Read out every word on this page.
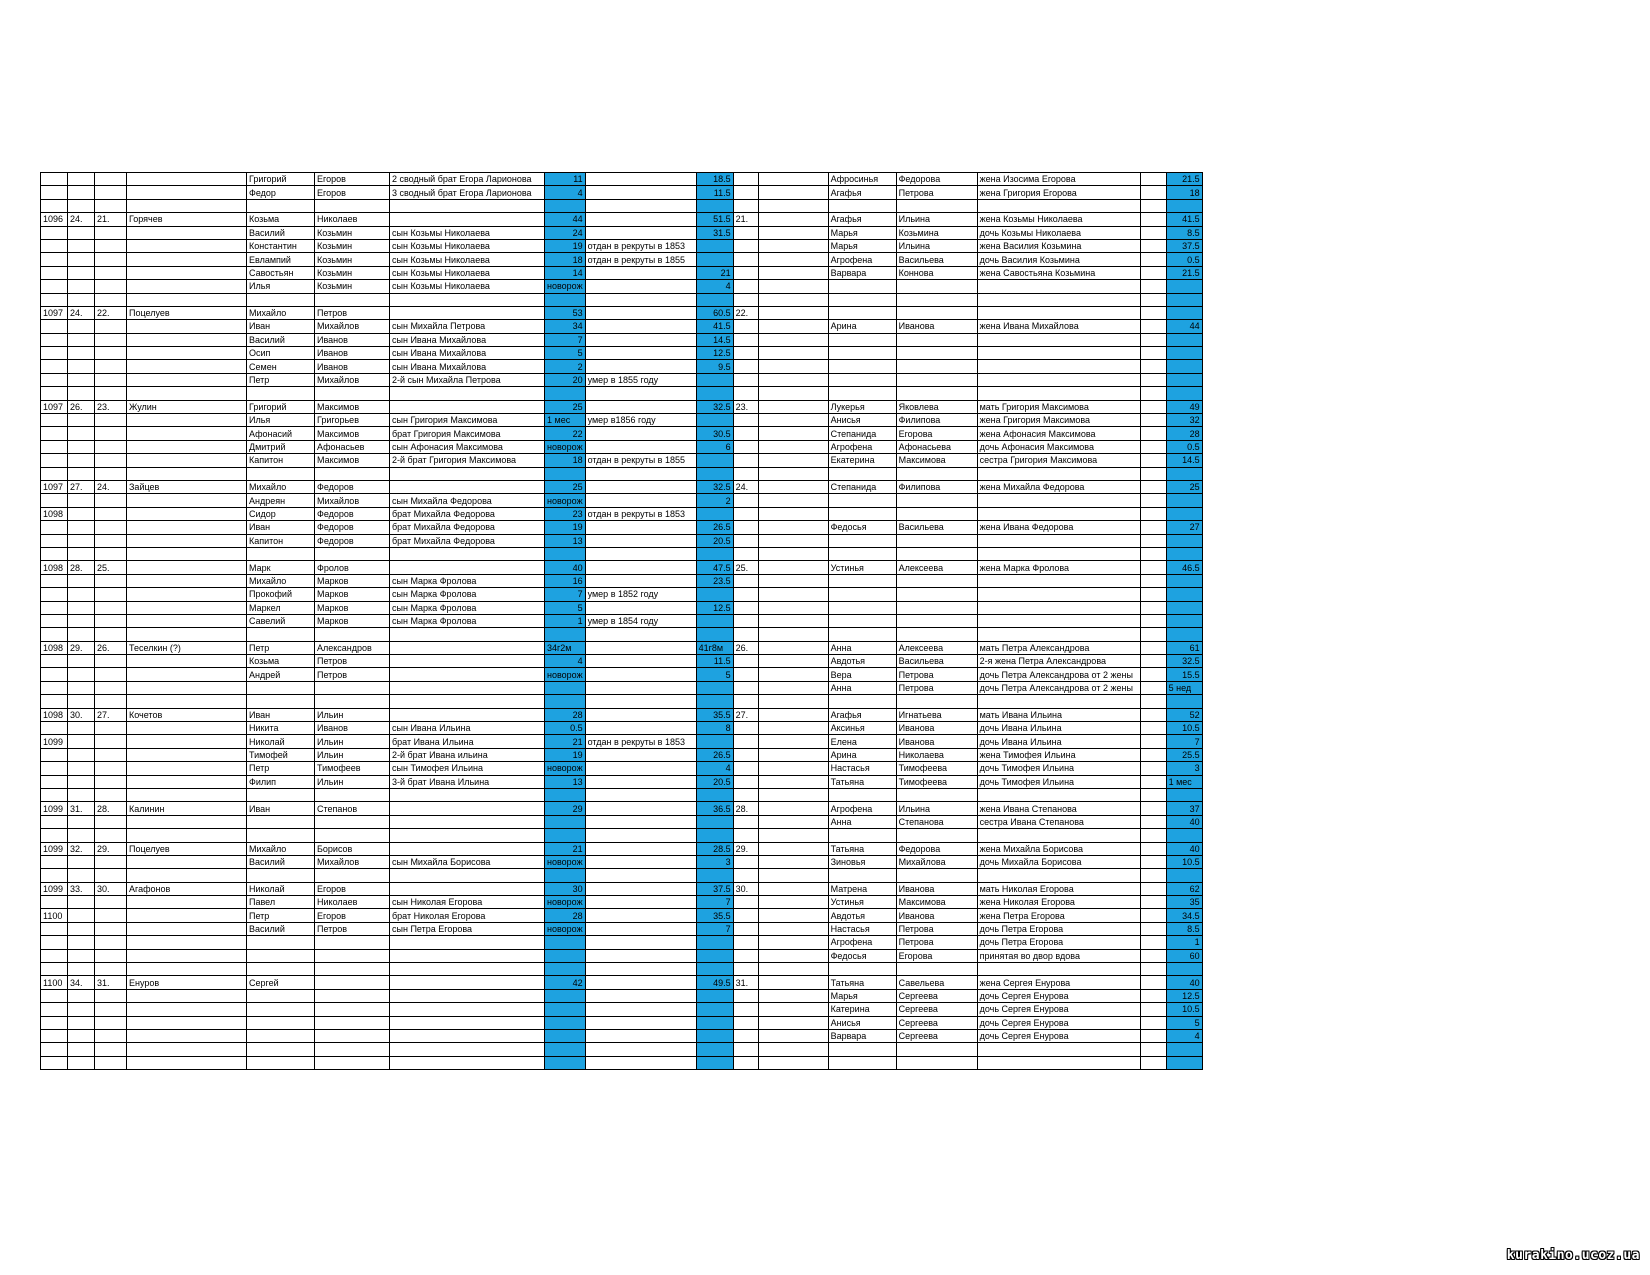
				Григорий	Егоров	2 сводный брат Егора Ларионова	11		18.5			Афросинья	Федорова	жена Изосима Егорова		21.5
				Федор	Егоров	3 сводный брат Егора Ларионова	4		11.5			Агафья	Петрова	жена Григория Егорова		18

1096	24.	21.	Горячев	Козьма	Николаев		44		51.5	21.		Агафья	Ильина	жена Козьмы Николаева		41.5
				Василий	Козьмин	сын Козьмы Николаева	24		31.5			Марья	Козьмина	дочь Козьмы Николаева		8.5
				Константин	Козьмин	сын Козьмы Николаева	19	отдан в рекруты в 1853				Марья	Ильина	жена Василия Козьмина		37.5
				Евлампий	Козьмин	сын Козьмы Николаева	18	отдан в рекруты в 1855				Агрофена	Васильева	дочь Василия Козьмина		0.5
				Савостьян	Козьмин	сын Козьмы Николаева	14		21			Варвара	Коннова	жена Савостьяна Козьмина		21.5
				Илья	Козьмин	сын Козьмы Николаева	новорож		4							

1097	24.	22.	Поцелуев	Михайло	Петров		53		60.5	22.						
				Иван	Михайлов	сын Михайла Петрова	34		41.5			Арина	Иванова	жена Ивана Михайлова		44
				Василий	Иванов	сын Ивана Михайлова	7		14.5							
				Осип	Иванов	сын Ивана Михайлова	5		12.5							
				Семен	Иванов	сын Ивана Михайлова	2		9.5							
				Петр	Михайлов	2-й сын Михайла Петрова	20	умер в 1855 году								

1097	26.	23.	Жулин	Григорий	Максимов		25		32.5	23.		Лукерья	Яковлева	мать Григория Максимова		49
				Илья	Григорьев	сын Григория Максимова	1 мес	умер в1856 году				Анисья	Филипова	жена Григория Максимова		32
				Афонасий	Максимов	брат Григория Максимова	22		30.5			Степанида	Егорова	жена Афонасия Максимова		28
				Дмитрий	Афонасьев	сын Афонасия Максимова	новорож		6			Агрофена	Афонасьева	дочь Афонасия Максимова		0.5
				Капитон	Максимов	2-й брат Григория Максимова	18	отдан в рекруты в 1855				Екатерина	Максимова	сестра Григория Максимова		14.5

1097	27.	24.	Зайцев	Михайло	Федоров		25		32.5	24.		Степанида	Филипова	жена Михайла Федорова		25
				Андреян	Михайлов	сын Михайла Федорова	новорож		2							
1098				Сидор	Федоров	брат Михайла Федорова	23	отдан в рекруты в 1853								
				Иван	Федоров	брат Михайла Федорова	19		26.5			Федосья	Васильева	жена Ивана Федорова		27
				Капитон	Федоров	брат Михайла Федорова	13		20.5							

1098	28.	25.		Марк	Фролов		40		47.5	25.		Устинья	Алексеева	жена Марка Фролова		46.5
				Михайло	Марков	сын Марка Фролова	16		23.5							
				Прокофий	Марков	сын Марка Фролова	7	умер в 1852 году								
				Маркел	Марков	сын Марка Фролова	5		12.5							
				Савелий	Марков	сын Марка Фролова	1	умер в 1854 году								

1098	29.	26.	Теселкин (?)	Петр	Александров		34г2м		41г8м	26.		Анна	Алексеева	мать Петра Александрова		61
				Козьма	Петров		4		11.5			Авдотья	Васильева	2-я жена Петра Александрова		32.5
				Андрей	Петров		новорож		5			Вера	Петрова	дочь Петра Александрова от 2 жены		15.5
												Анна	Петрова	дочь Петра Александрова от 2 жены		5 нед

1098	30.	27.	Кочетов	Иван	Ильин		28		35.5	27.		Агафья	Игнатьева	мать Ивана Ильина		52
				Никита	Иванов	сын Ивана Ильина	0.5		8			Аксинья	Иванова	дочь Ивана Ильина		10.5
1099				Николай	Ильин	брат Ивана Ильина	21	отдан в рекруты в 1853				Елена	Иванова	дочь Ивана Ильина		7
				Тимофей	Ильин	2-й брат Ивана ильина	19		26.5			Арина	Николаева	жена Тимофея Ильина		25.5
				Петр	Тимофеев	сын Тимофея Ильина	новорож		4			Настасья	Тимофеева	дочь Тимофея Ильина		3
				Филип	Ильин	3-й брат Ивана Ильина	13		20.5			Татьяна	Тимофеева	дочь Тимофея Ильина		1 мес

1099	31.	28.	Калинин	Иван	Степанов		29		36.5	28.		Агрофена	Ильина	жена Ивана Степанова		37
												Анна	Степанова	сестра Ивана Степанова		40

1099	32.	29.	Поцелуев	Михайло	Борисов		21		28.5	29.		Татьяна	Федорова	жена Михайла Борисова		40
				Василий	Михайлов	сын Михайла Борисова	новорож		3			Зиновья	Михайлова	дочь Михайла Борисова		10.5

1099	33.	30.	Агафонов	Николай	Егоров		30		37.5	30.		Матрена	Иванова	мать Николая Егорова		62
				Павел	Николаев	сын Николая Егорова	новорож		7			Устинья	Максимова	жена Николая Егорова		35
1100				Петр	Егоров	брат Николая Егорова	28		35.5			Авдотья	Иванова	жена Петра Егорова		34.5
				Василий	Петров	сын Петра Егорова	новорож		7			Настасья	Петрова	дочь Петра Егорова		8.5
												Агрофена	Петрова	дочь Петра Егорова		1
												Федосья	Егорова	принятая во двор вдова		60

1100	34.	31.	Енуров	Сергей			42		49.5	31.		Татьяна	Савельева	жена Сергея Енурова		40
												Марья	Сергеева	дочь Сергея Енурова		12.5
												Катерина	Сергеева	дочь Сергея Енурова		10.5
												Анисья	Сергеева	дочь Сергея Енурова		5
												Варвара	Сергеева	дочь Сергея Енурова		4

kurakino.ucoz.ua
